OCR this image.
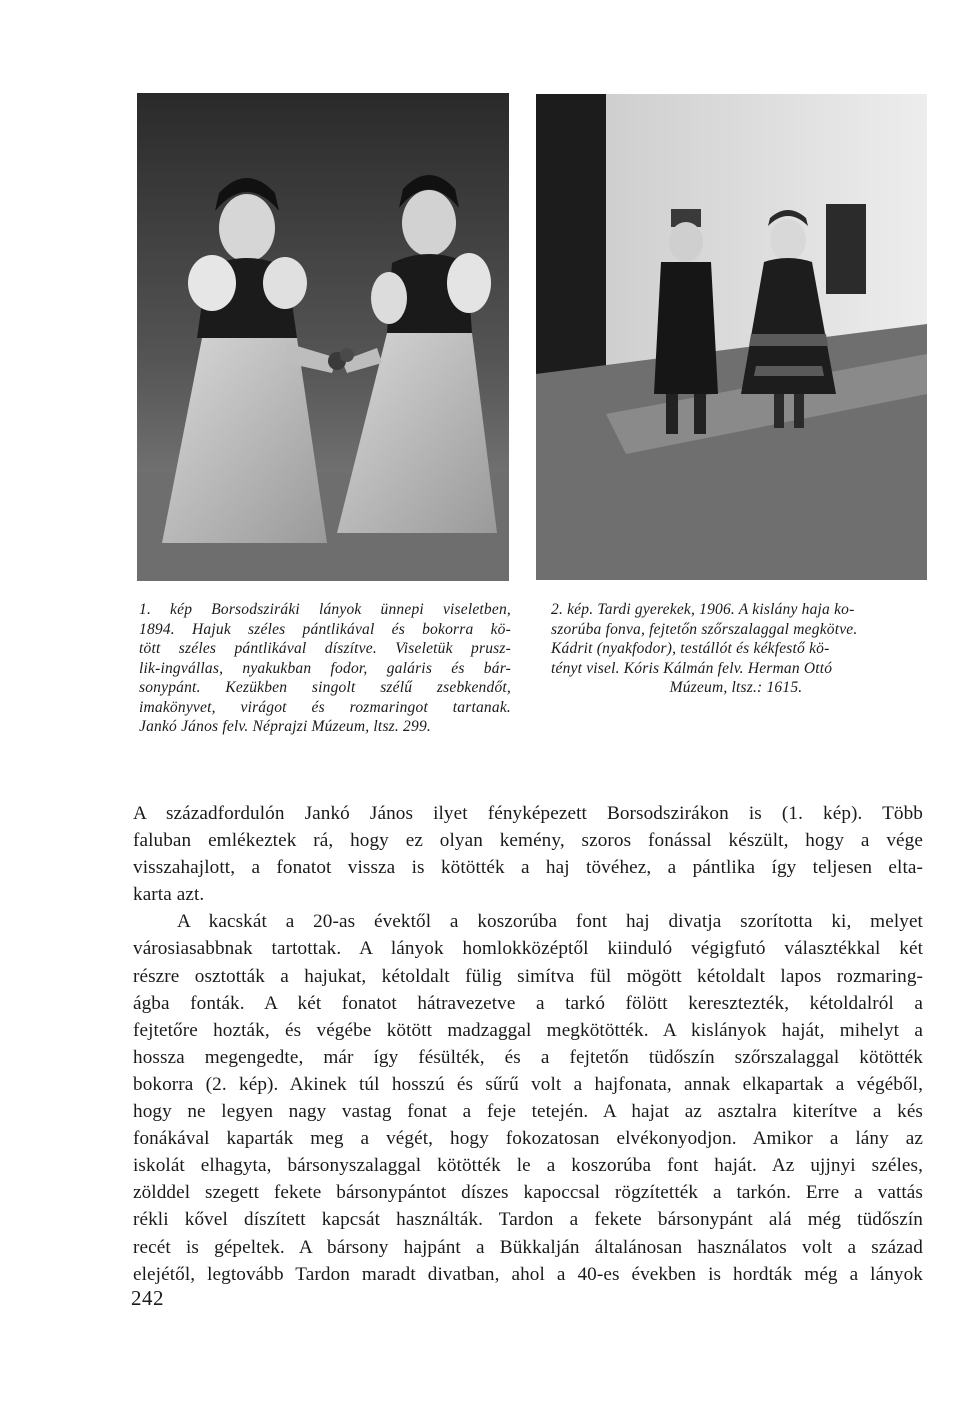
1. kép Borsodsziráki lányok ünnepi viseletben,
1894. Hajuk széles pántlikával és bokorra kö-
tött széles pántlikával díszítve. Viseletük prusz-
lik-ingvállas, nyakukban fodor, galáris és bár-
sonypánt. Kezükben singolt szélű zsebkendőt,
imakönyvet, virágot és rozmaringot tartanak.
Jankó János felv. Néprajzi Múzeum, ltsz. 299.

2. kép. Tardi gyerekek, 1906. A kislány haja ko-
szorúba fonva, fejtetőn szőrszalaggal megkötve.
Kádrit (nyakfodor), testállót és kékfestő kö-
tényt visel. Kóris Kálmán felv. Herman Ottó
Múzeum, ltsz.: 1615.

A századfordulón Jankó János ilyet fényképezett Borsodszirákon is (1. kép). Több
faluban emlékeztek rá, hogy ez olyan kemény, szoros fonással készült, hogy a vége
visszahajlott, a fonatot vissza is kötötték a haj tövéhez, a pántlika így teljesen elta-
karta azt.
A kacskát a 20-as évektől a koszorúba font haj divatja szorította ki, melyet
városiasabbnak tartottak. A lányok homlokközéptől kiinduló végigfutó választékkal két
részre osztották a hajukat, kétoldalt fülig simítva fül mögött kétoldalt lapos rozmaring-
ágba fonták. A két fonatot hátravezetve a tarkó fölött keresztezték, kétoldalról a
fejtetőre hozták, és végébe kötött madzaggal megkötötték. A kislányok haját, mihelyt a
hossza megengedte, már így fésülték, és a fejtetőn tüdőszín szőrszalaggal kötötték
bokorra (2. kép). Akinek túl hosszú és sűrű volt a hajfonata, annak elkapartak a végéből,
hogy ne legyen nagy vastag fonat a feje tetején. A hajat az asztalra kiterítve a kés
fonákával kaparták meg a végét, hogy fokozatosan elvékonyodjon. Amikor a lány az
iskolát elhagyta, bársonyszalaggal kötötték le a koszorúba font haját. Az ujjnyi széles,
zölddel szegett fekete bársonypántot díszes kapoccsal rögzítették a tarkón. Erre a vattás
rékli kővel díszített kapcsát használták. Tardon a fekete bársonypánt alá még tüdőszín
recét is gépeltek. A bársony hajpánt a Bükkalján általánosan használatos volt a század
elejétől, legtovább Tardon maradt divatban, ahol a 40-es években is hordták még a lányok
242
